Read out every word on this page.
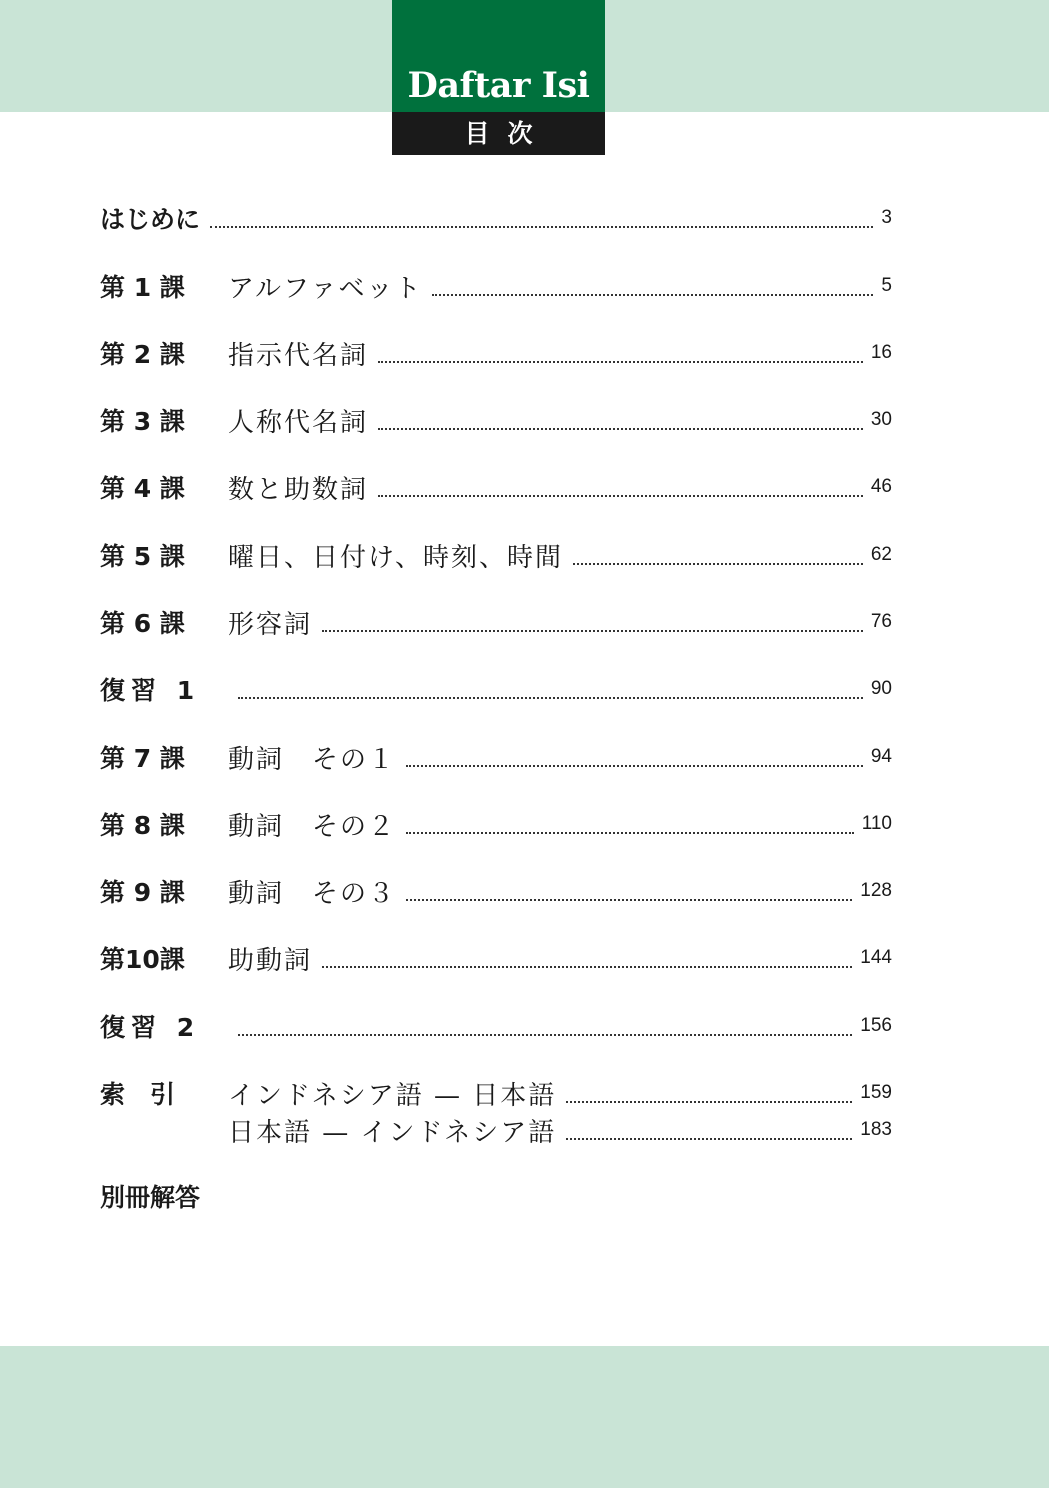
Daftar Isi
目次
はじめに	3
第 1 課	アルファベット	5
第 2 課	指示代名詞	16
第 3 課	人称代名詞	30
第 4 課	数と助数詞	46
第 5 課	曜日、日付け、時刻、時間	62
第 6 課	形容詞	76
復習 1	90
第 7 課	動詞　その１	94
第 8 課	動詞　その２	110
第 9 課	動詞　その３	128
第10課	助動詞	144
復習 2	156
索　引	インドネシア語 — 日本語	159
日本語 — インドネシア語	183
別冊解答
